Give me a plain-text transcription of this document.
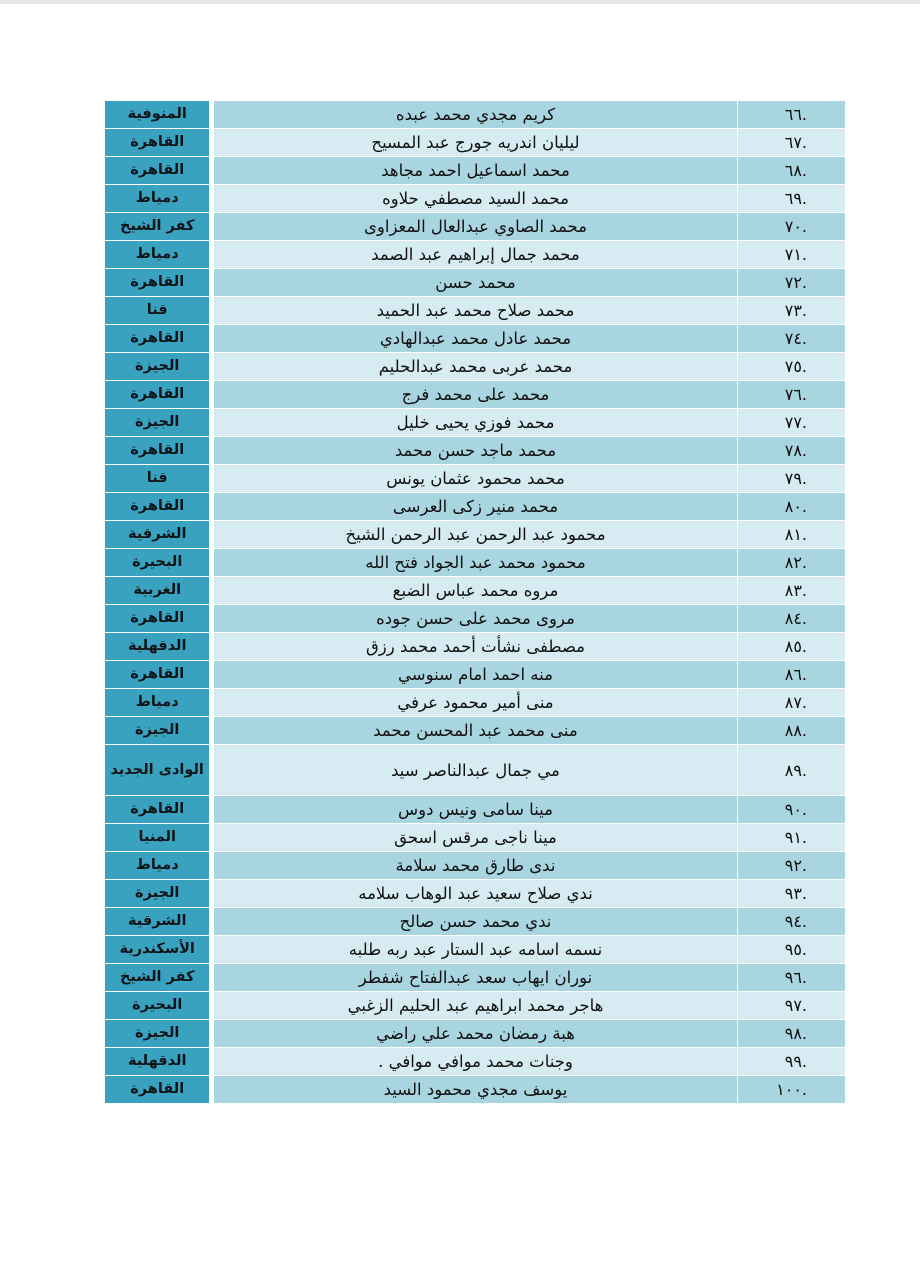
.٦٦	كريم مجدي محمد عبده	المنوفية
.٦٧	ليليان اندريه جورج عبد المسيح	القاهرة
.٦٨	محمد اسماعيل احمد مجاهد	القاهرة
.٦٩	محمد السيد مصطفي حلاوه	دمياط
.٧٠	محمد الصاوي عبدالعال المعزاوى	كفر الشيخ
.٧١	محمد جمال إبراهيم عبد الصمد	دمياط
.٧٢	محمد حسن	القاهرة
.٧٣	محمد صلاح محمد عبد الحميد	قنا
.٧٤	محمد عادل محمد عبدالهادي	القاهرة
.٧٥	محمد عربى محمد عبدالحليم	الجيزة
.٧٦	محمد على محمد فرج	القاهرة
.٧٧	محمد فوزي يحيى خليل	الجيزة
.٧٨	محمد ماجد حسن محمد	القاهرة
.٧٩	محمد محمود عثمان يونس	قنا
.٨٠	محمد منير زكى العرسى	القاهرة
.٨١	محمود عبد الرحمن عبد الرحمن الشيخ	الشرقية
.٨٢	محمود محمد عبد الجواد فتح الله	البحيرة
.٨٣	مروه محمد عباس الضبع	الغربية
.٨٤	مروى محمد على حسن جوده	القاهرة
.٨٥	مصطفى نشأت أحمد محمد رزق	الدقهلية
.٨٦	منه احمد امام سنوسي	القاهرة
.٨٧	منى أمير محمود عرفي	دمياط
.٨٨	منى محمد عبد المحسن محمد	الجيزة
.٨٩	مي جمال عبدالناصر سيد	الوادى الجديد
.٩٠	مينا سامى ونيس دوس	القاهرة
.٩١	مينا ناجى مرقس اسحق	المنيا
.٩٢	ندى طارق محمد سلامة	دمياط
.٩٣	ندي صلاح سعيد عبد الوهاب سلامه	الجيزة
.٩٤	ندي محمد حسن صالح	الشرقية
.٩٥	نسمه اسامه عبد الستار عبد ربه طلبه	الأسكندرية
.٩٦	نوران ايهاب سعد عبدالفتاح شفطر	كفر الشيخ
.٩٧	هاجر محمد ابراهيم عبد الحليم الزغبي	البحيرة
.٩٨	هبة رمضان محمد علي راضي	الجيزة
.٩٩	وجنات محمد موافي موافي .	الدقهلية
.١٠٠	يوسف مجدي محمود السيد	القاهرة
